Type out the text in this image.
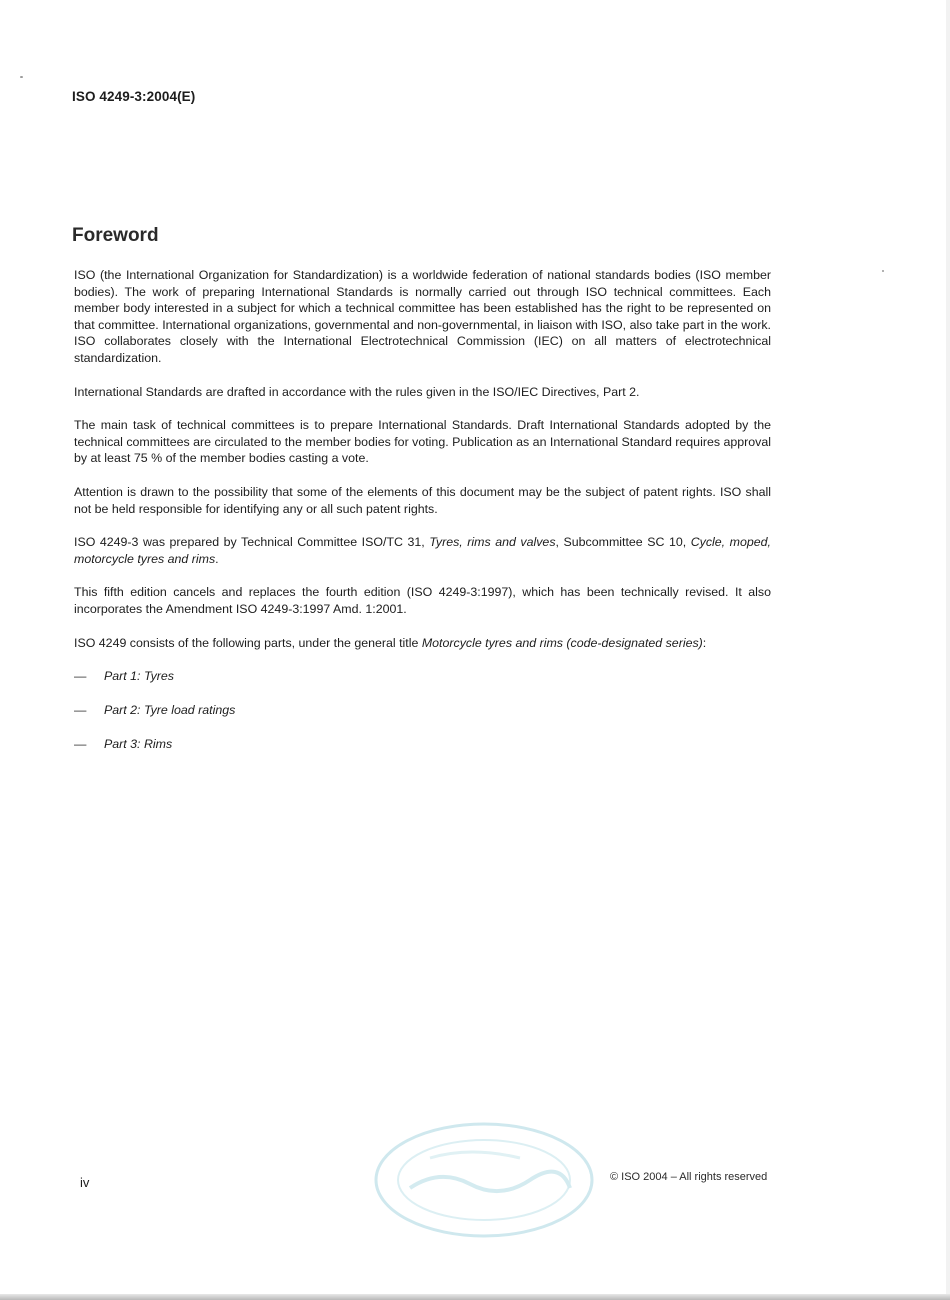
ISO 4249-3:2004(E)
Foreword

ISO (the International Organization for Standardization) is a worldwide federation of national standards bodies (ISO member bodies). The work of preparing International Standards is normally carried out through ISO technical committees. Each member body interested in a subject for which a technical committee has been established has the right to be represented on that committee. International organizations, governmental and non-governmental, in liaison with ISO, also take part in the work. ISO collaborates closely with the International Electrotechnical Commission (IEC) on all matters of electrotechnical standardization.

International Standards are drafted in accordance with the rules given in the ISO/IEC Directives, Part 2.

The main task of technical committees is to prepare International Standards. Draft International Standards adopted by the technical committees are circulated to the member bodies for voting. Publication as an International Standard requires approval by at least 75 % of the member bodies casting a vote.

Attention is drawn to the possibility that some of the elements of this document may be the subject of patent rights. ISO shall not be held responsible for identifying any or all such patent rights.

ISO 4249-3 was prepared by Technical Committee ISO/TC 31, Tyres, rims and valves, Subcommittee SC 10, Cycle, moped, motorcycle tyres and rims.

This fifth edition cancels and replaces the fourth edition (ISO 4249-3:1997), which has been technically revised. It also incorporates the Amendment ISO 4249-3:1997 Amd. 1:2001.

ISO 4249 consists of the following parts, under the general title Motorcycle tyres and rims (code-designated series):

— Part 1: Tyres
— Part 2: Tyre load ratings
— Part 3: Rims
iv	© ISO 2004 – All rights reserved
